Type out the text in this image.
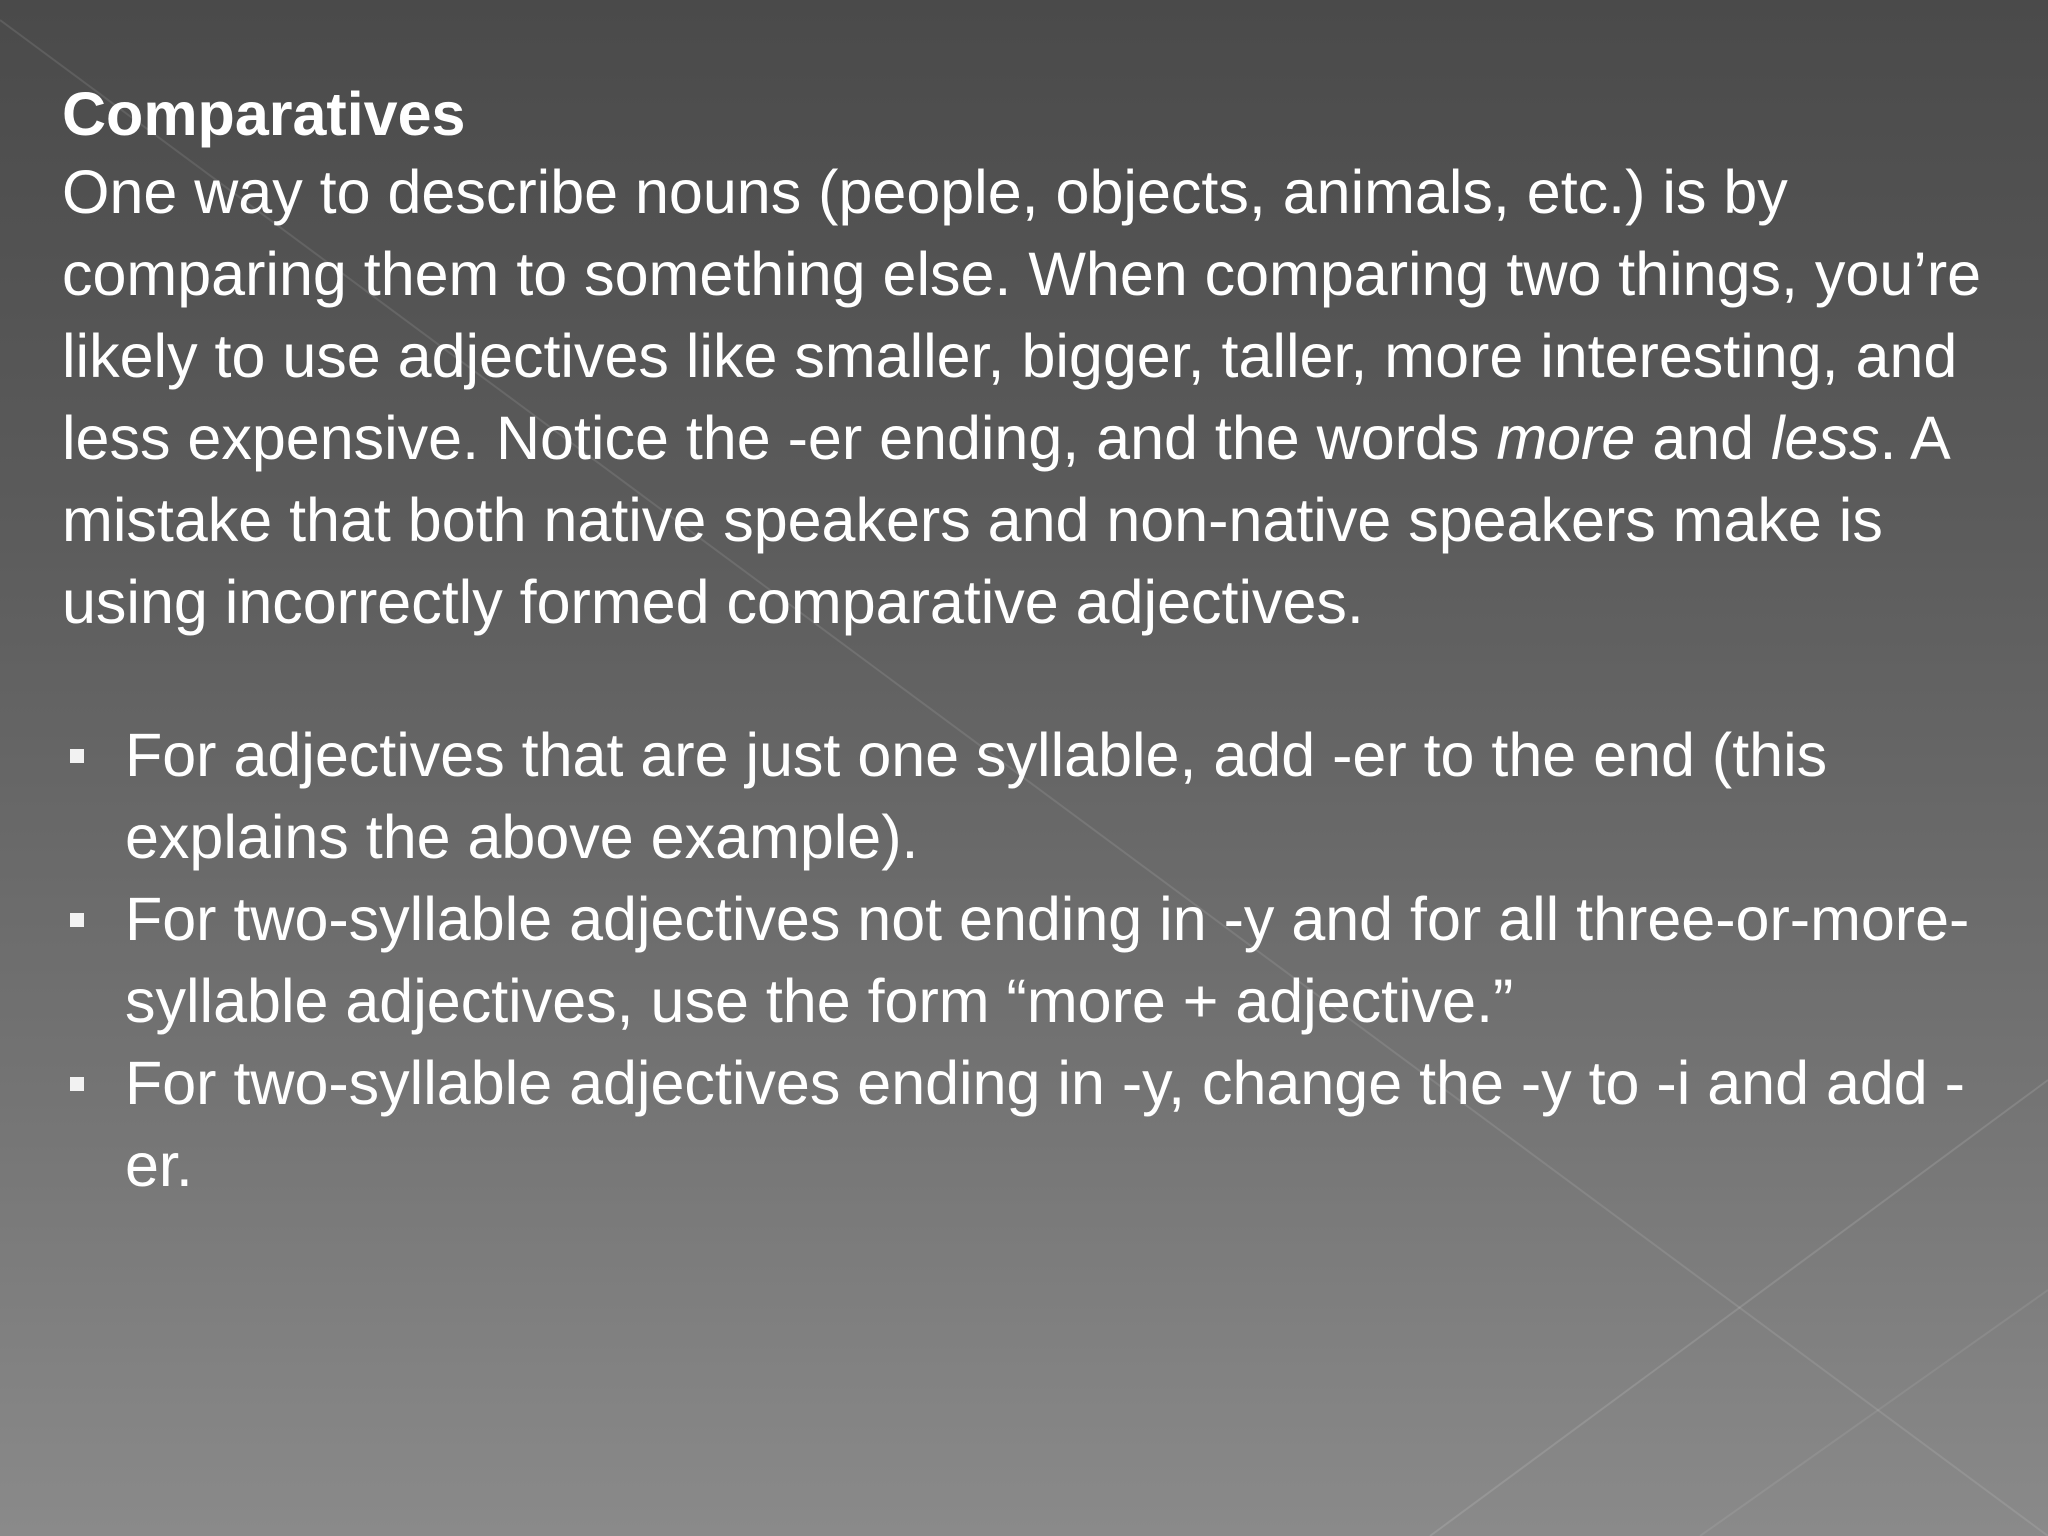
Comparatives

One way to describe nouns (people, objects, animals, etc.) is by comparing them to something else. When comparing two things, you’re likely to use adjectives like smaller, bigger, taller, more interesting, and less expensive. Notice the -er ending, and the words more and less. A mistake that both native speakers and non-native speakers make is using incorrectly formed comparative adjectives.

For adjectives that are just one syllable, add -er to the end (this explains the above example).
For two-syllable adjectives not ending in -y and for all three-or-more-syllable adjectives, use the form “more + adjective.”
For two-syllable adjectives ending in -y, change the -y to -i and add -er.
